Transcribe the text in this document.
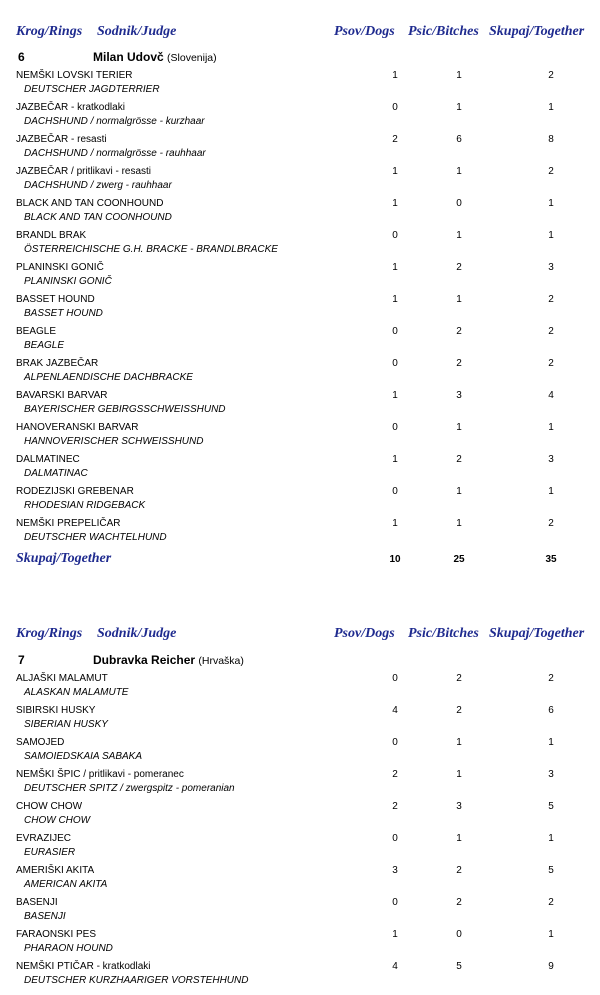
Krog/Rings Sodnik/Judge	Psov/Dogs Psic/Bitches Skupaj/Together
6	Milan Udovč (Slovenija)
NEMŠKI LOVSKI TERIER
DEUTSCHER JAGDTERRIER
1	1	2
JAZBEČAR - kratkodlaki
DACHSHUND / normalgrösse - kurzhaar
0	1	1
JAZBEČAR - resasti
DACHSHUND / normalgrösse - rauhhaar
2	6	8
JAZBEČAR / pritlikavi - resasti
DACHSHUND / zwerg - rauhhaar
1	1	2
BLACK AND TAN COONHOUND
BLACK AND TAN COONHOUND
1	0	1
BRANDL BRAK
ÖSTERREICHISCHE G.H. BRACKE - BRANDLBRACKE
0	1	1
PLANINSKI GONIČ
PLANINSKI GONIČ
1	2	3
BASSET HOUND
BASSET HOUND
1	1	2
BEAGLE
BEAGLE
0	2	2
BRAK JAZBEČAR
ALPENLAENDISCHE DACHBRACKE
0	2	2
BAVARSKI BARVAR
BAYERISCHER GEBIRGSSCHWEISSHUND
1	3	4
HANOVERANSKI BARVAR
HANNOVERISCHER SCHWEISSHUND
0	1	1
DALMATINEC
DALMATINAC
1	2	3
RODEZIJSKI GREBENAR
RHODESIAN RIDGEBACK
0	1	1
NEMŠKI PREPELIČAR
DEUTSCHER WACHTELHUND
1	1	2
Skupaj/Together	10	25	35
Krog/Rings Sodnik/Judge	Psov/Dogs Psic/Bitches Skupaj/Together
7	Dubravka Reicher (Hrvaška)
ALJAŠKI MALAMUT
ALASKAN MALAMUTE
0	2	2
SIBIRSKI HUSKY
SIBERIAN HUSKY
4	2	6
SAMOJED
SAMOIEDSKAIA SABAKA
0	1	1
NEMŠKI ŠPIC / pritlikavi - pomeranec
DEUTSCHER SPITZ / zwergspitz - pomeranian
2	1	3
CHOW CHOW
CHOW CHOW
2	3	5
EVRAZIJEC
EURASIER
0	1	1
AMERIŠKI AKITA
AMERICAN AKITA
3	2	5
BASENJI
BASENJI
0	2	2
FARAONSKI PES
PHARAON HOUND
1	0	1
NEMŠKI PTIČAR - kratkodlaki
DEUTSCHER KURZHAARIGER VORSTEHHUND
4	5	9
